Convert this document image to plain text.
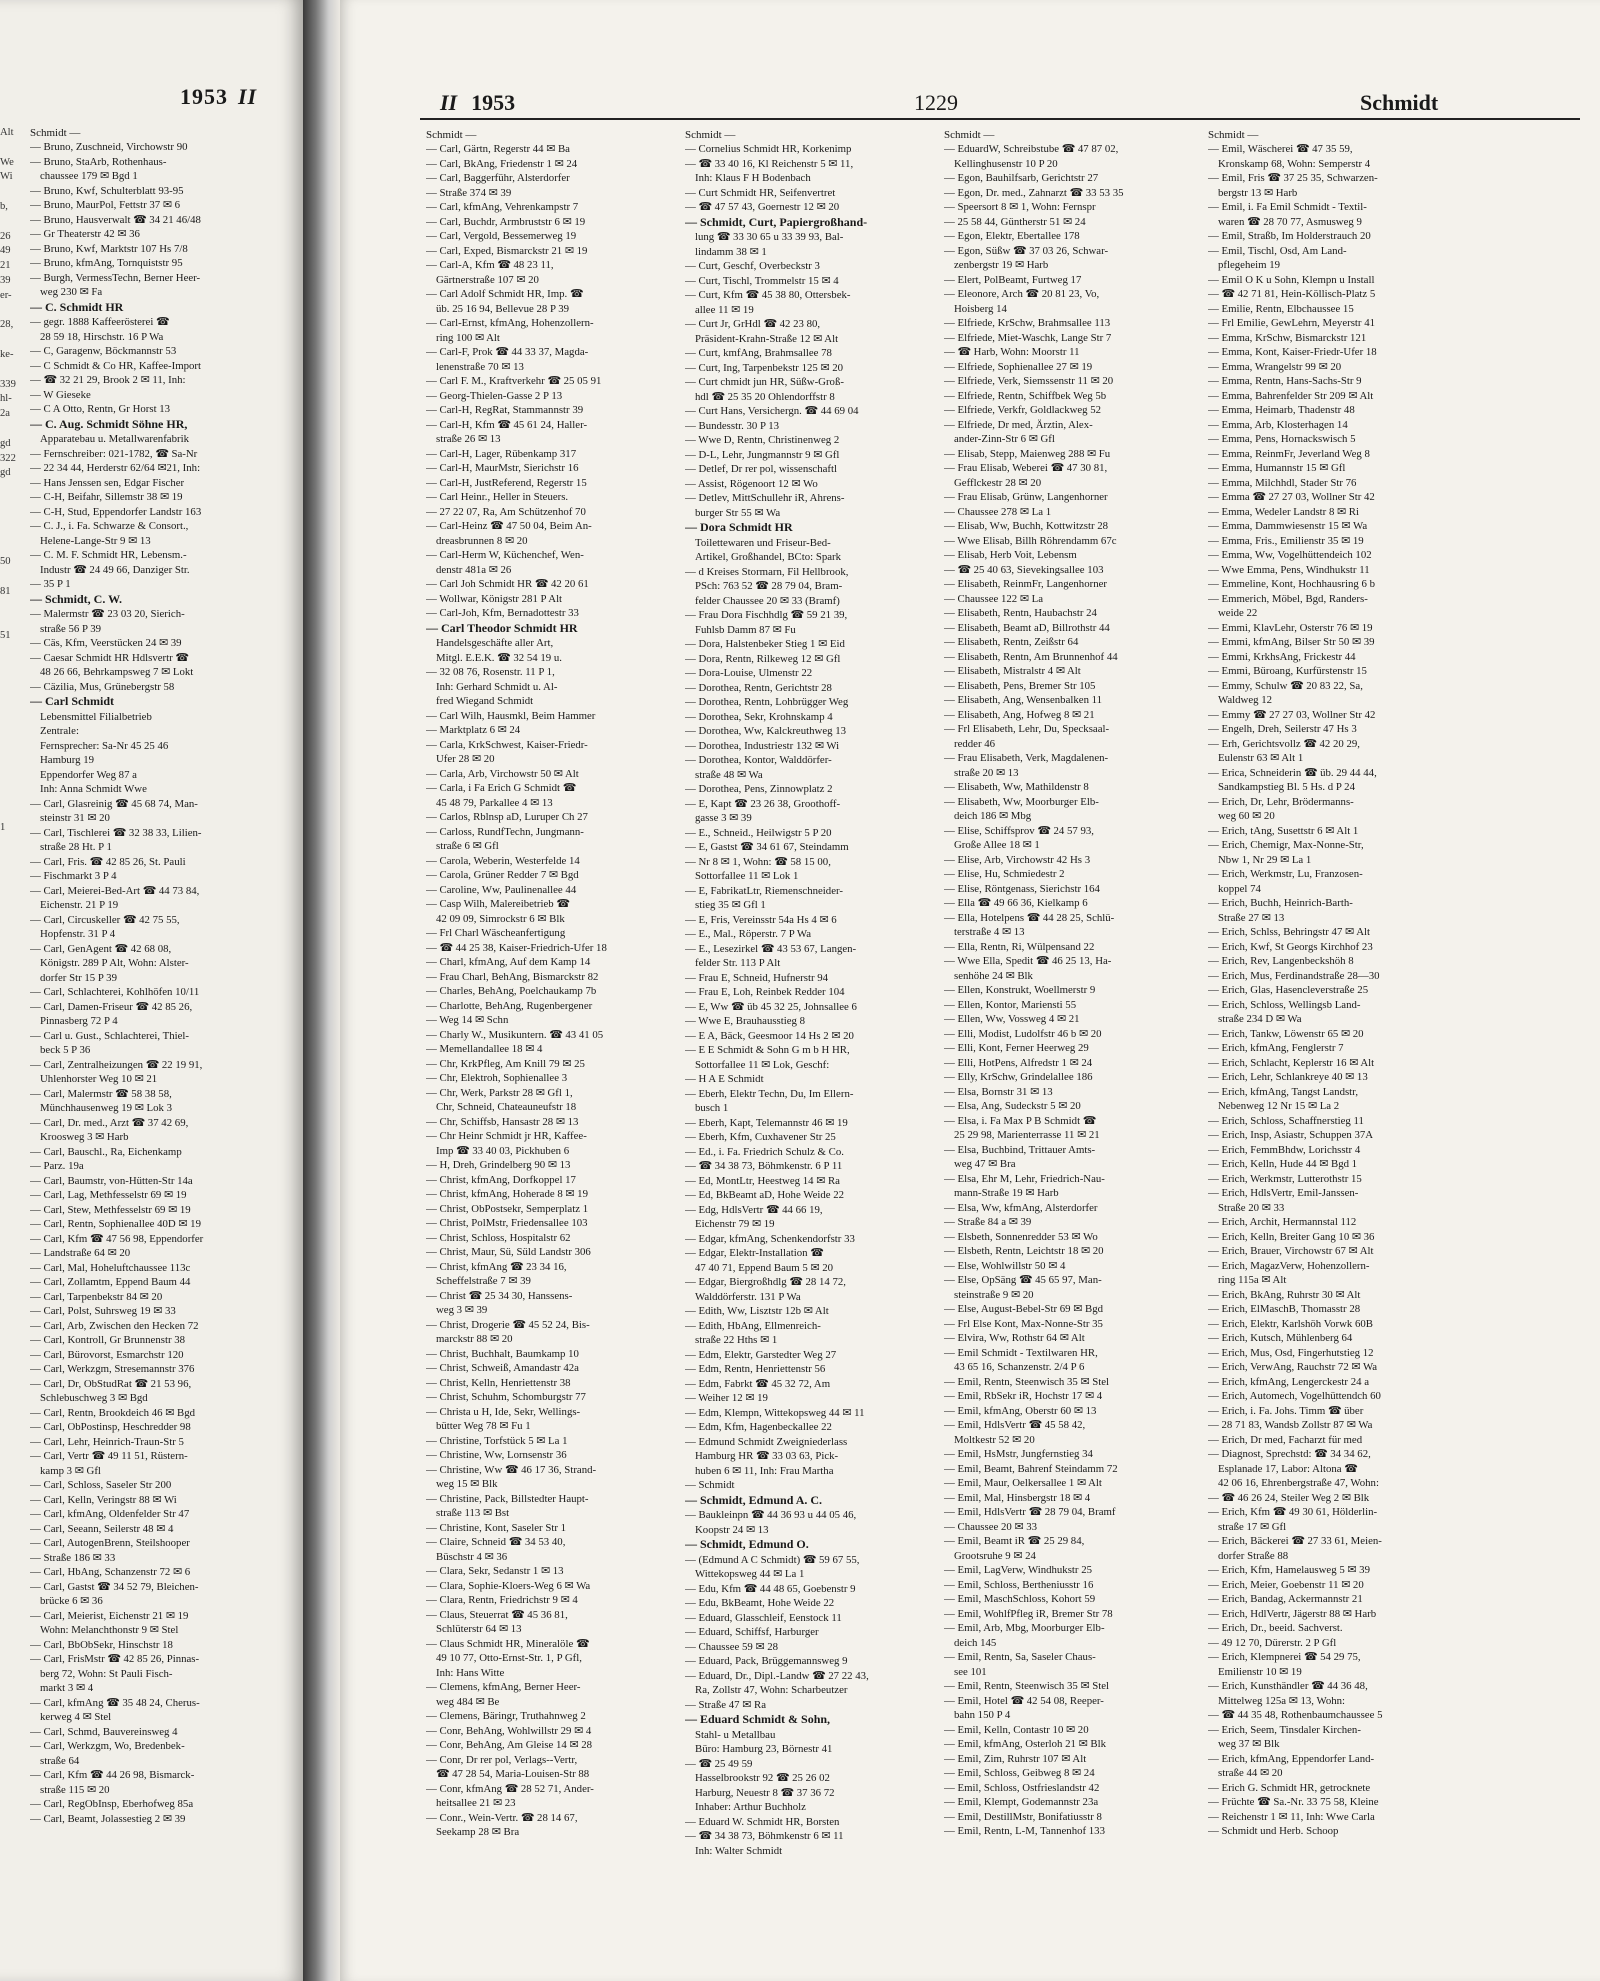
1953 II
Alt
We
Wi
b,
26
49
21
39
er-
28,
ke-
339
hl-
2a
gd
322
gd
50
81
51
1
Schmidt —
— Bruno, Zuschneid, Virchowstr 90
— Bruno, StaArb, Rothenhaus-
chaussee 179 ✉ Bgd 1
— Bruno, Kwf, Schulterblatt 93-95
— Bruno, MaurPol, Fettstr 37 ✉ 6
— Bruno, Hausverwalt ☎ 34 21 46/48
— Gr Theaterstr 42 ✉ 36
— Bruno, Kwf, Marktstr 107 Hs 7/8
— Bruno, kfmAng, Tornquiststr 95
— Burgh, VermessTechn, Berner Heer-
weg 230 ✉ Fa
— C. Schmidt HR
— gegr. 1888 Kaffeerösterei ☎
28 59 18, Hirschstr. 16 P Wa
— C, Garagenw, Böckmannstr 53
— C Schmidt & Co HR, Kaffee-Import
— ☎ 32 21 29, Brook 2 ✉ 11, Inh:
— W Gieseke
— C A Otto, Rentn, Gr Horst 13
— C. Aug. Schmidt Söhne HR,
Apparatebau u. Metallwarenfabrik
— Fernschreiber: 021-1782, ☎ Sa-Nr
— 22 34 44, Herderstr 62/64 ✉21, Inh:
— Hans Jenssen sen, Edgar Fischer
— C-H, Beifahr, Sillemstr 38 ✉ 19
— C-H, Stud, Eppendorfer Landstr 163
— C. J., i. Fa. Schwarze & Consort.,
Helene-Lange-Str 9 ✉ 13
— C. M. F. Schmidt HR, Lebensm.-
Industr ☎ 24 49 66, Danziger Str.
— 35 P 1
— Schmidt, C. W.
— Malermstr ☎ 23 03 20, Sierich-
straße 56 P 39
— Cäs, Kfm, Veerstücken 24 ✉ 39
— Caesar Schmidt HR Hdlsvertr ☎
48 26 66, Behrkampsweg 7 ✉ Lokt
— Cäzilia, Mus, Grünebergstr 58
— Carl Schmidt
Lebensmittel Filialbetrieb
Zentrale:
Fernsprecher: Sa-Nr 45 25 46
Hamburg 19
Eppendorfer Weg 87 a
Inh: Anna Schmidt Wwe
— Carl, Glasreinig ☎ 45 68 74, Man-
steinstr 31 ✉ 20
— Carl, Tischlerei ☎ 32 38 33, Lilien-
straße 28 Ht. P 1
— Carl, Fris. ☎ 42 85 26, St. Pauli
— Fischmarkt 3 P 4
— Carl, Meierei-Bed-Art ☎ 44 73 84,
Eichenstr. 21 P 19
— Carl, Circuskeller ☎ 42 75 55,
Hopfenstr. 31 P 4
— Carl, GenAgent ☎ 42 68 08,
Königstr. 289 P Alt, Wohn: Alster-
dorfer Str 15 P 39
— Carl, Schlachterei, Kohlhöfen 10/11
— Carl, Damen-Friseur ☎ 42 85 26,
Pinnasberg 72 P 4
— Carl u. Gust., Schlachterei, Thiel-
beck 5 P 36
— Carl, Zentralheizungen ☎ 22 19 91,
Uhlenhorster Weg 10 ✉ 21
— Carl, Malermstr ☎ 58 38 58,
Münchhausenweg 19 ✉ Lok 3
— Carl, Dr. med., Arzt ☎ 37 42 69,
Kroosweg 3 ✉ Harb
— Carl, Bauschl., Ra, Eichenkamp
— Parz. 19a
— Carl, Baumstr, von-Hütten-Str 14a
— Carl, Lag, Methfesselstr 69 ✉ 19
— Carl, Stew, Methfesselstr 69 ✉ 19
— Carl, Rentn, Sophienallee 40D ✉ 19
— Carl, Kfm ☎ 47 56 98, Eppendorfer
— Landstraße 64 ✉ 20
— Carl, Mal, Hoheluftchaussee 113c
— Carl, Zollamtm, Eppend Baum 44
— Carl, Tarpenbekstr 84 ✉ 20
— Carl, Polst, Suhrsweg 19 ✉ 33
— Carl, Arb, Zwischen den Hecken 72
— Carl, Kontroll, Gr Brunnenstr 38
— Carl, Bürovorst, Esmarchstr 120
— Carl, Werkzgm, Stresemannstr 376
— Carl, Dr, ObStudRat ☎ 21 53 96,
Schlebuschweg 3 ✉ Bgd
— Carl, Rentn, Brookdeich 46 ✉ Bgd
— Carl, ObPostinsp, Heschredder 98
— Carl, Lehr, Heinrich-Traun-Str 5
— Carl, Vertr ☎ 49 11 51, Rüstern-
kamp 3 ✉ Gfl
— Carl, Schloss, Saseler Str 200
— Carl, Kelln, Veringstr 88 ✉ Wi
— Carl, kfmAng, Oldenfelder Str 47
— Carl, Seeann, Seilerstr 48 ✉ 4
— Carl, AutogenBrenn, Steilshooper
— Straße 186 ✉ 33
— Carl, HbAng, Schanzenstr 72 ✉ 6
— Carl, Gastst ☎ 34 52 79, Bleichen-
brücke 6 ✉ 36
— Carl, Meierist, Eichenstr 21 ✉ 19
Wohn: Melanchthonstr 9 ✉ Stel
— Carl, BbObSekr, Hinschstr 18
— Carl, FrisMstr ☎ 42 85 26, Pinnas-
berg 72, Wohn: St Pauli Fisch-
markt 3 ✉ 4
— Carl, kfmAng ☎ 35 48 24, Cherus-
kerweg 4 ✉ Stel
— Carl, Schmd, Bauvereinsweg 4
— Carl, Werkzgm, Wo, Bredenbek-
straße 64
— Carl, Kfm ☎ 44 26 98, Bismarck-
straße 115 ✉ 20
— Carl, RegObInsp, Eberhofweg 85a
— Carl, Beamt, Jolassestieg 2 ✉ 39
II 1953	1229	Schmidt
Schmidt —
— Carl, Gärtn, Regerstr 44 ✉ Ba
— Carl, BkAng, Friedenstr 1 ✉ 24
— Carl, Baggerführ, Alsterdorfer
— Straße 374 ✉ 39
— Carl, kfmAng, Vehrenkampstr 7
— Carl, Buchdr, Armbruststr 6 ✉ 19
— Carl, Vergold, Bessemerweg 19
— Carl, Exped, Bismarckstr 21 ✉ 19
— Carl-A, Kfm ☎ 48 23 11,
Gärtnerstraße 107 ✉ 20
— Carl Adolf Schmidt HR, Imp. ☎
üb. 25 16 94, Bellevue 28 P 39
— Carl-Ernst, kfmAng, Hohenzollern-
ring 100 ✉ Alt
— Carl-F, Prok ☎ 44 33 37, Magda-
lenenstraße 70 ✉ 13
— Carl F. M., Kraftverkehr ☎ 25 05 91
— Georg-Thielen-Gasse 2 P 13
— Carl-H, RegRat, Stammannstr 39
— Carl-H, Kfm ☎ 45 61 24, Haller-
straße 26 ✉ 13
— Carl-H, Lager, Rübenkamp 317
— Carl-H, MaurMstr, Sierichstr 16
— Carl-H, JustReferend, Regerstr 15
— Carl Heinr., Heller in Steuers.
— 27 22 07, Ra, Am Schützenhof 70
— Carl-Heinz ☎ 47 50 04, Beim An-
dreasbrunnen 8 ✉ 20
— Carl-Herm W, Küchenchef, Wen-
denstr 481a ✉ 26
— Carl Joh Schmidt HR ☎ 42 20 61
— Wollwar, Königstr 281 P Alt
— Carl-Joh, Kfm, Bernadottestr 33
— Carl Theodor Schmidt HR
Handelsgeschäfte aller Art,
Mitgl. E.E.K. ☎ 32 54 19 u.
— 32 08 76, Rosenstr. 11 P 1,
Inh: Gerhard Schmidt u. Al-
fred Wiegand Schmidt
— Carl Wilh, Hausmkl, Beim Hammer
— Marktplatz 6 ✉ 24
— Carla, KrkSchwest, Kaiser-Friedr-
Ufer 28 ✉ 20
— Carla, Arb, Virchowstr 50 ✉ Alt
— Carla, i Fa Erich G Schmidt ☎
45 48 79, Parkallee 4 ✉ 13
— Carlos, Rblnsp aD, Luruper Ch 27
— Carloss, RundfTechn, Jungmann-
straße 6 ✉ Gfl
— Carola, Weberin, Westerfelde 14
— Carola, Grüner Redder 7 ✉ Bgd
— Caroline, Ww, Paulinenallee 44
— Casp Wilh, Malereibetrieb ☎
42 09 09, Simrockstr 6 ✉ Blk
— Frl Charl Wäscheanfertigung
— ☎ 44 25 38, Kaiser-Friedrich-Ufer 18
— Charl, kfmAng, Auf dem Kamp 14
— Frau Charl, BehAng, Bismarckstr 82
— Charles, BehAng, Poelchaukamp 7b
— Charlotte, BehAng, Rugenbergener
— Weg 14 ✉ Schn
— Charly W., Musikuntern. ☎ 43 41 05
— Memellandallee 18 ✉ 4
— Chr, KrkPfleg, Am Knill 79 ✉ 25
— Chr, Elektroh, Sophienallee 3
— Chr, Werk, Parkstr 28 ✉ Gfl 1,
Chr, Schneid, Chateauneufstr 18
— Chr, Schiffsb, Hansastr 28 ✉ 13
— Chr Heinr Schmidt jr HR, Kaffee-
Imp ☎ 33 40 03, Pickhuben 6
— H, Dreh, Grindelberg 90 ✉ 13
— Christ, kfmAng, Dorfkoppel 17
— Christ, kfmAng, Hoherade 8 ✉ 19
— Christ, ObPostsekr, Semperplatz 1
— Christ, PolMstr, Friedensallee 103
— Christ, Schloss, Hospitalstr 62
— Christ, Maur, Sü, Süld Landstr 306
— Christ, kfmAng ☎ 23 34 16,
Scheffelstraße 7 ✉ 39
— Christ ☎ 25 34 30, Hanssens-
weg 3 ✉ 39
— Christ, Drogerie ☎ 45 52 24, Bis-
marckstr 88 ✉ 20
— Christ, Buchhalt, Baumkamp 10
— Christ, Schweiß, Amandastr 42a
— Christ, Kelln, Henriettenstr 38
— Christ, Schuhm, Schomburgstr 77
— Christa u H, Ide, Sekr, Wellings-
bütter Weg 78 ✉ Fu 1
— Christine, Torfstück 5 ✉ La 1
— Christine, Ww, Lornsenstr 36
— Christine, Ww ☎ 46 17 36, Strand-
weg 15 ✉ Blk
— Christine, Pack, Billstedter Haupt-
straße 113 ✉ Bst
— Christine, Kont, Saseler Str 1
— Claire, Schneid ☎ 34 53 40,
Büschstr 4 ✉ 36
— Clara, Sekr, Sedanstr 1 ✉ 13
— Clara, Sophie-Kloers-Weg 6 ✉ Wa
— Clara, Rentn, Friedrichstr 9 ✉ 4
— Claus, Steuerrat ☎ 45 36 81,
Schlüterstr 64 ✉ 13
— Claus Schmidt HR, Mineralöle ☎
49 10 77, Otto-Ernst-Str. 1, P Gfl,
Inh: Hans Witte
— Clemens, kfmAng, Berner Heer-
weg 484 ✉ Be
— Clemens, Bäringr, Truthahnweg 2
— Conr, BehAng, Wohlwillstr 29 ✉ 4
— Conr, BehAng, Am Gleise 14 ✉ 28
— Conr, Dr rer pol, Verlags--Vertr,
☎ 47 28 54, Maria-Louisen-Str 88
— Conr, kfmAng ☎ 28 52 71, Ander-
heitsallee 21 ✉ 23
— Conr., Wein-Vertr. ☎ 28 14 67,
Seekamp 28 ✉ Bra
Schmidt —
— Cornelius Schmidt HR, Korkenimp
— ☎ 33 40 16, Kl Reichenstr 5 ✉ 11,
Inh: Klaus F H Bodenbach
— Curt Schmidt HR, Seifenvertret
— ☎ 47 57 43, Goernestr 12 ✉ 20
— Schmidt, Curt, Papiergroßhand-
lung ☎ 33 30 65 u 33 39 93, Bal-
lindamm 38 ✉ 1
— Curt, Geschf, Overbeckstr 3
— Curt, Tischl, Trommelstr 15 ✉ 4
— Curt, Kfm ☎ 45 38 80, Ottersbek-
allee 11 ✉ 19
— Curt Jr, GrHdl ☎ 42 23 80,
Präsident-Krahn-Straße 12 ✉ Alt
— Curt, kmfAng, Brahmsallee 78
— Curt, Ing, Tarpenbekstr 125 ✉ 20
— Curt chmidt jun HR, Süßw-Groß-
hdl ☎ 25 35 20 Ohlendorffstr 8
— Curt Hans, Versichergn. ☎ 44 69 04
— Bundesstr. 30 P 13
— Wwe D, Rentn, Christinenweg 2
— D-L, Lehr, Jungmannstr 9 ✉ Gfl
— Detlef, Dr rer pol, wissenschaftl
— Assist, Rögenoort 12 ✉ Wo
— Detlev, MittSchullehr iR, Ahrens-
burger Str 55 ✉ Wa
— Dora Schmidt HR
Toilettewaren und Friseur-Bed-
Artikel, Großhandel, BCto: Spark
— d Kreises Stormarn, Fil Hellbrook,
PSch: 763 52 ☎ 28 79 04, Bram-
felder Chaussee 20 ✉ 33 (Bramf)
— Frau Dora Fischhdlg ☎ 59 21 39,
Fuhlsb Damm 87 ✉ Fu
— Dora, Halstenbeker Stieg 1 ✉ Eid
— Dora, Rentn, Rilkeweg 12 ✉ Gfl
— Dora-Louise, Ulmenstr 22
— Dorothea, Rentn, Gerichtstr 28
— Dorothea, Rentn, Lohbrügger Weg
— Dorothea, Sekr, Krohnskamp 4
— Dorothea, Ww, Kalckreuthweg 13
— Dorothea, Industriestr 132 ✉ Wi
— Dorothea, Kontor, Walddörfer-
straße 48 ✉ Wa
— Dorothea, Pens, Zinnowplatz 2
— E, Kapt ☎ 23 26 38, Groothoff-
gasse 3 ✉ 39
— E., Schneid., Heilwigstr 5 P 20
— E, Gastst ☎ 34 61 67, Steindamm
— Nr 8 ✉ 1, Wohn: ☎ 58 15 00,
Sottorfallee 11 ✉ Lok 1
— E, FabrikatLtr, Riemenschneider-
stieg 35 ✉ Gfl 1
— E, Fris, Vereinsstr 54a Hs 4 ✉ 6
— E., Mal., Röperstr. 7 P Wa
— E., Lesezirkel ☎ 43 53 67, Langen-
felder Str. 113 P Alt
— Frau E, Schneid, Hufnerstr 94
— Frau E, Loh, Reinbek Redder 104
— E, Ww ☎ üb 45 32 25, Johnsallee 6
— Wwe E, Brauhausstieg 8
— E A, Bäck, Geesmoor 14 Hs 2 ✉ 20
— E E Schmidt & Sohn G m b H HR,
Sottorfallee 11 ✉ Lok, Geschf:
— H A E Schmidt
— Eberh, Elektr Techn, Du, Im Ellern-
busch 1
— Eberh, Kapt, Telemannstr 46 ✉ 19
— Eberh, Kfm, Cuxhavener Str 25
— Ed., i. Fa. Friedrich Schulz & Co.
— ☎ 34 38 73, Böhmkenstr. 6 P 11
— Ed, MontLtr, Heestweg 14 ✉ Ra
— Ed, BkBeamt aD, Hohe Weide 22
— Edg, HdlsVertr ☎ 44 66 19,
Eichenstr 79 ✉ 19
— Edgar, kfmAng, Schenkendorfstr 33
— Edgar, Elektr-Installation ☎
47 40 71, Eppend Baum 5 ✉ 20
— Edgar, Biergroßhdlg ☎ 28 14 72,
Walddörferstr. 131 P Wa
— Edith, Ww, Lisztstr 12b ✉ Alt
— Edith, HbAng, Ellmenreich-
straße 22 Hths ✉ 1
— Edm, Elektr, Garstedter Weg 27
— Edm, Rentn, Henriettenstr 56
— Edm, Fabrkt ☎ 45 32 72, Am
— Weiher 12 ✉ 19
— Edm, Klempn, Wittekopsweg 44 ✉ 11
— Edm, Kfm, Hagenbeckallee 22
— Edmund Schmidt Zweigniederlass
Hamburg HR ☎ 33 03 63, Pick-
huben 6 ✉ 11, Inh: Frau Martha
— Schmidt
— Schmidt, Edmund A. C.
— Baukleinpn ☎ 44 36 93 u 44 05 46,
Koopstr 24 ✉ 13
— Schmidt, Edmund O.
— (Edmund A C Schmidt) ☎ 59 67 55,
Wittekopsweg 44 ✉ La 1
— Edu, Kfm ☎ 44 48 65, Goebenstr 9
— Edu, BkBeamt, Hohe Weide 22
— Eduard, Glasschleif, Eenstock 11
— Eduard, Schiffsf, Harburger
— Chaussee 59 ✉ 28
— Eduard, Pack, Brüggemannsweg 9
— Eduard, Dr., Dipl.-Landw ☎ 27 22 43,
Ra, Zollstr 47, Wohn: Scharbeutzer
— Straße 47 ✉ Ra
— Eduard Schmidt & Sohn,
Stahl- u Metallbau
Büro: Hamburg 23, Börnestr 41
— ☎ 25 49 59
Hasselbrookstr 92 ☎ 25 26 02
Harburg, Neuestr 8 ☎ 37 36 72
Inhaber: Arthur Buchholz
— Eduard W. Schmidt HR, Borsten
— ☎ 34 38 73, Böhmkenstr 6 ✉ 11
Inh: Walter Schmidt
Schmidt —
— EduardW, Schreibstube ☎ 47 87 02,
Kellinghusenstr 10 P 20
— Egon, Bauhilfsarb, Gerichtstr 27
— Egon, Dr. med., Zahnarzt ☎ 33 53 35
— Speersort 8 ✉ 1, Wohn: Fernspr
— 25 58 44, Güntherstr 51 ✉ 24
— Egon, Elektr, Ebertallee 178
— Egon, Süßw ☎ 37 03 26, Schwar-
zenbergstr 19 ✉ Harb
— Elert, PolBeamt, Furtweg 17
— Eleonore, Arch ☎ 20 81 23, Vo,
Hoisberg 14
— Elfriede, KrSchw, Brahmsallee 113
— Elfriede, Miet-Waschk, Lange Str 7
— ☎ Harb, Wohn: Moorstr 11
— Elfriede, Sophienallee 27 ✉ 19
— Elfriede, Verk, Siemssenstr 11 ✉ 20
— Elfriede, Rentn, Schiffbek Weg 5b
— Elfriede, Verkfr, Goldlackweg 52
— Elfriede, Dr med, Ärztin, Alex-
ander-Zinn-Str 6 ✉ Gfl
— Elisab, Stepp, Maienweg 288 ✉ Fu
— Frau Elisab, Weberei ☎ 47 30 81,
Gefflckestr 28 ✉ 20
— Frau Elisab, Grünw, Langenhorner
— Chaussee 278 ✉ La 1
— Elisab, Ww, Buchh, Kottwitzstr 28
— Wwe Elisab, Billh Röhrendamm 67c
— Elisab, Herb Voit, Lebensm
— ☎ 25 40 63, Sievekingsallee 103
— Elisabeth, ReinmFr, Langenhorner
— Chaussee 122 ✉ La
— Elisabeth, Rentn, Haubachstr 24
— Elisabeth, Beamt aD, Billrothstr 44
— Elisabeth, Rentn, Zeißstr 64
— Elisabeth, Rentn, Am Brunnenhof 44
— Elisabeth, Mistralstr 4 ✉ Alt
— Elisabeth, Pens, Bremer Str 105
— Elisabeth, Ang, Wensenbalken 11
— Elisabeth, Ang, Hofweg 8 ✉ 21
— Frl Elisabeth, Lehr, Du, Specksaal-
redder 46
— Frau Elisabeth, Verk, Magdalenen-
straße 20 ✉ 13
— Elisabeth, Ww, Mathildenstr 8
— Elisabeth, Ww, Moorburger Elb-
deich 186 ✉ Mbg
— Elise, Schiffsprov ☎ 24 57 93,
Große Allee 18 ✉ 1
— Elise, Arb, Virchowstr 42 Hs 3
— Elise, Hu, Schmiedestr 2
— Elise, Röntgenass, Sierichstr 164
— Ella ☎ 49 66 36, Kielkamp 6
— Ella, Hotelpens ☎ 44 28 25, Schlü-
terstraße 4 ✉ 13
— Ella, Rentn, Ri, Wülpensand 22
— Wwe Ella, Spedit ☎ 46 25 13, Ha-
senhöhe 24 ✉ Blk
— Ellen, Konstrukt, Woellmerstr 9
— Ellen, Kontor, Mariensti 55
— Ellen, Ww, Vossweg 4 ✉ 21
— Elli, Modist, Ludolfstr 46 b ✉ 20
— Elli, Kont, Ferner Heerweg 29
— Elli, HotPens, Alfredstr 1 ✉ 24
— Elly, KrSchw, Grindelallee 186
— Elsa, Bornstr 31 ✉ 13
— Elsa, Ang, Sudeckstr 5 ✉ 20
— Elsa, i. Fa Max P B Schmidt ☎
25 29 98, Marienterrasse 11 ✉ 21
— Elsa, Buchbind, Trittauer Amts-
weg 47 ✉ Bra
— Elsa, Ehr M, Lehr, Friedrich-Nau-
mann-Straße 19 ✉ Harb
— Elsa, Ww, kfmAng, Alsterdorfer
— Straße 84 a ✉ 39
— Elsbeth, Sonnenredder 53 ✉ Wo
— Elsbeth, Rentn, Leichtstr 18 ✉ 20
— Else, Wohlwillstr 50 ✉ 4
— Else, OpSäng ☎ 45 65 97, Man-
steinstraße 9 ✉ 20
— Else, August-Bebel-Str 69 ✉ Bgd
— Frl Else Kont, Max-Nonne-Str 35
— Elvira, Ww, Rothstr 64 ✉ Alt
— Emil Schmidt - Textilwaren HR,
43 65 16, Schanzenstr. 2/4 P 6
— Emil, Rentn, Steenwisch 35 ✉ Stel
— Emil, RbSekr iR, Hochstr 17 ✉ 4
— Emil, kfmAng, Oberstr 60 ✉ 13
— Emil, HdlsVertr ☎ 45 58 42,
Moltkestr 52 ✉ 20
— Emil, HsMstr, Jungfernstieg 34
— Emil, Beamt, Bahrenf Steindamm 72
— Emil, Maur, Oelkersallee 1 ✉ Alt
— Emil, Mal, Hinsbergstr 18 ✉ 4
— Emil, HdlsVertr ☎ 28 79 04, Bramf
— Chaussee 20 ✉ 33
— Emil, Beamt iR ☎ 25 29 84,
Grootsruhe 9 ✉ 24
— Emil, LagVerw, Windhukstr 25
— Emil, Schloss, Bertheniusstr 16
— Emil, MaschSchloss, Kohort 59
— Emil, WohlfPfleg iR, Bremer Str 78
— Emil, Arb, Mbg, Moorburger Elb-
deich 145
— Emil, Rentn, Sa, Saseler Chaus-
see 101
— Emil, Rentn, Steenwisch 35 ✉ Stel
— Emil, Hotel ☎ 42 54 08, Reeper-
bahn 150 P 4
— Emil, Kelln, Contastr 10 ✉ 20
— Emil, kfmAng, Osterloh 21 ✉ Blk
— Emil, Zim, Ruhrstr 107 ✉ Alt
— Emil, Schloss, Geibweg 8 ✉ 24
— Emil, Schloss, Ostfrieslandstr 42
— Emil, Klempt, Godemannstr 23a
— Emil, DestillMstr, Bonifatiusstr 8
— Emil, Rentn, L-M, Tannenhof 133
Schmidt —
— Emil, Wäscherei ☎ 47 35 59,
Kronskamp 68, Wohn: Semperstr 4
— Emil, Fris ☎ 37 25 35, Schwarzen-
bergstr 13 ✉ Harb
— Emil, i. Fa Emil Schmidt - Textil-
waren ☎ 28 70 77, Asmusweg 9
— Emil, Straßb, Im Holderstrauch 20
— Emil, Tischl, Osd, Am Land-
pflegeheim 19
— Emil O K u Sohn, Klempn u Install
— ☎ 42 71 81, Hein-Köllisch-Platz 5
— Emilie, Rentn, Elbchaussee 15
— Frl Emilie, GewLehrn, Meyerstr 41
— Emma, KrSchw, Bismarckstr 121
— Emma, Kont, Kaiser-Friedr-Ufer 18
— Emma, Wrangelstr 99 ✉ 20
— Emma, Rentn, Hans-Sachs-Str 9
— Emma, Bahrenfelder Str 209 ✉ Alt
— Emma, Heimarb, Thadenstr 48
— Emma, Arb, Klosterhagen 14
— Emma, Pens, Hornackswisch 5
— Emma, ReinmFr, Jeverland Weg 8
— Emma, Humannstr 15 ✉ Gfl
— Emma, Milchhdl, Stader Str 76
— Emma ☎ 27 27 03, Wollner Str 42
— Emma, Wedeler Landstr 8 ✉ Ri
— Emma, Dammwiesenstr 15 ✉ Wa
— Emma, Fris., Emilienstr 35 ✉ 19
— Emma, Ww, Vogelhüttendeich 102
— Wwe Emma, Pens, Windhukstr 11
— Emmeline, Kont, Hochhausring 6 b
— Emmerich, Möbel, Bgd, Randers-
weide 22
— Emmi, KlavLehr, Osterstr 76 ✉ 19
— Emmi, kfmAng, Bilser Str 50 ✉ 39
— Emmi, KrkhsAng, Frickestr 44
— Emmi, Büroang, Kurfürstenstr 15
— Emmy, Schulw ☎ 20 83 22, Sa,
Waldweg 12
— Emmy ☎ 27 27 03, Wollner Str 42
— Engelh, Dreh, Seilerstr 47 Hs 3
— Erh, Gerichtsvollz ☎ 42 20 29,
Eulenstr 63 ✉ Alt 1
— Erica, Schneiderin ☎ üb. 29 44 44,
Sandkampstieg Bl. 5 Hs. d P 24
— Erich, Dr, Lehr, Brödermanns-
weg 60 ✉ 20
— Erich, tAng, Susettstr 6 ✉ Alt 1
— Erich, Chemigr, Max-Nonne-Str,
Nbw 1, Nr 29 ✉ La 1
— Erich, Werkmstr, Lu, Franzosen-
koppel 74
— Erich, Buchh, Heinrich-Barth-
Straße 27 ✉ 13
— Erich, Schlss, Behringstr 47 ✉ Alt
— Erich, Kwf, St Georgs Kirchhof 23
— Erich, Rev, Langenbeckshöh 8
— Erich, Mus, Ferdinandstraße 28—30
— Erich, Glas, Hasencleverstraße 25
— Erich, Schloss, Wellingsb Land-
straße 234 D ✉ Wa
— Erich, Tankw, Löwenstr 65 ✉ 20
— Erich, kfmAng, Fenglerstr 7
— Erich, Schlacht, Keplerstr 16 ✉ Alt
— Erich, Lehr, Schlankreye 40 ✉ 13
— Erich, kfmAng, Tangst Landstr,
Nebenweg 12 Nr 15 ✉ La 2
— Erich, Schloss, Schaffnerstieg 11
— Erich, Insp, Asiastr, Schuppen 37A
— Erich, FemmBhdw, Lorichsstr 4
— Erich, Kelln, Hude 44 ✉ Bgd 1
— Erich, Werkmstr, Lutterothstr 15
— Erich, HdlsVertr, Emil-Janssen-
Straße 20 ✉ 33
— Erich, Archit, Hermannstal 112
— Erich, Kelln, Breiter Gang 10 ✉ 36
— Erich, Brauer, Virchowstr 67 ✉ Alt
— Erich, MagazVerw, Hohenzollern-
ring 115a ✉ Alt
— Erich, BkAng, Ruhrstr 30 ✉ Alt
— Erich, ElMaschB, Thomasstr 28
— Erich, Elektr, Karlshöh Vorwk 60B
— Erich, Kutsch, Mühlenberg 64
— Erich, Mus, Osd, Fingerhutstieg 12
— Erich, VerwAng, Rauchstr 72 ✉ Wa
— Erich, kfmAng, Lengerckestr 24 a
— Erich, Automech, Vogelhüttendch 60
— Erich, i. Fa. Johs. Timm ☎ über
— 28 71 83, Wandsb Zollstr 87 ✉ Wa
— Erich, Dr med, Facharzt für med
— Diagnost, Sprechstd: ☎ 34 34 62,
Esplanade 17, Labor: Altona ☎
42 06 16, Ehrenbergstraße 47, Wohn:
— ☎ 46 26 24, Steiler Weg 2 ✉ Blk
— Erich, Kfm ☎ 49 30 61, Hölderlin-
straße 17 ✉ Gfl
— Erich, Bäckerei ☎ 27 33 61, Meien-
dorfer Straße 88
— Erich, Kfm, Hamelausweg 5 ✉ 39
— Erich, Meier, Goebenstr 11 ✉ 20
— Erich, Bandag, Ackermannstr 21
— Erich, HdlVertr, Jägerstr 88 ✉ Harb
— Erich, Dr., beeid. Sachverst.
— 49 12 70, Dürerstr. 2 P Gfl
— Erich, Klempnerei ☎ 54 29 75,
Emilienstr 10 ✉ 19
— Erich, Kunsthändler ☎ 44 36 48,
Mittelweg 125a ✉ 13, Wohn:
— ☎ 44 35 48, Rothenbaumchaussee 5
— Erich, Seem, Tinsdaler Kirchen-
weg 37 ✉ Blk
— Erich, kfmAng, Eppendorfer Land-
straße 44 ✉ 20
— Erich G. Schmidt HR, getrocknete
— Früchte ☎ Sa.-Nr. 33 75 58, Kleine
— Reichenstr 1 ✉ 11, Inh: Wwe Carla
— Schmidt und Herb. Schoop
